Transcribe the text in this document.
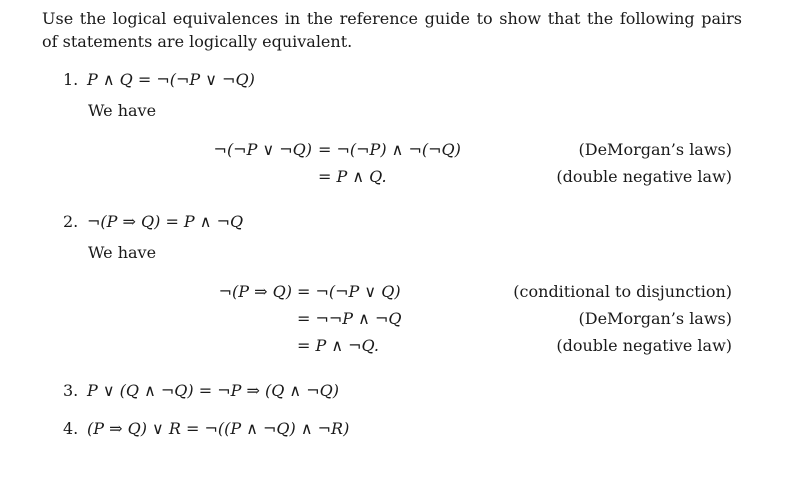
Use the logical equivalences in the reference guide to show that the following pairs of statements are logically equivalent.
1. P ∧ Q = ¬(¬P ∨ ¬Q)
We have
¬(¬P ∨ ¬Q) = ¬(¬P) ∧ ¬(¬Q)	(DeMorgan’s laws)
= P ∧ Q.	(double negative law)
2. ¬(P ⇒ Q) = P ∧ ¬Q
We have
¬(P ⇒ Q) = ¬(¬P ∨ Q)	(conditional to disjunction)
= ¬¬P ∧ ¬Q	(DeMorgan’s laws)
= P ∧ ¬Q.	(double negative law)
3. P ∨ (Q ∧ ¬Q) = ¬P ⇒ (Q ∧ ¬Q)
4. (P ⇒ Q) ∨ R = ¬((P ∧ ¬Q) ∧ ¬R)
